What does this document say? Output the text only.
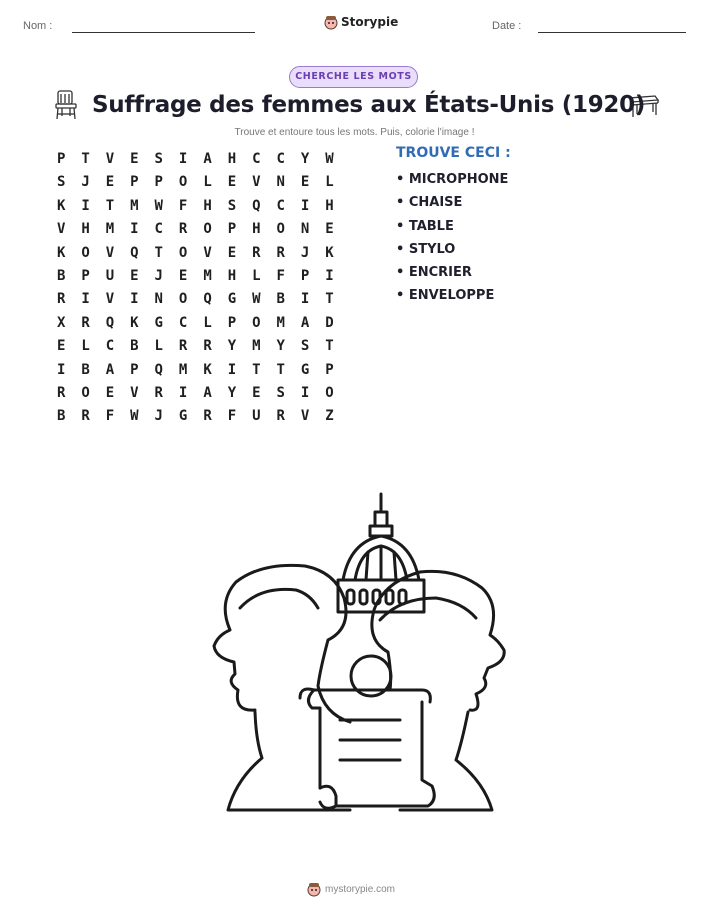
Nom :	Storypie	Date :
CHERCHE LES MOTS
Suffrage des femmes aux États-Unis (1920)
Trouve et entoure tous les mots. Puis, colorie l'image !
P	T	V	E	S	I	A	H	C	C	Y	W
S	J	E	P	P	O	L	E	V	N	E	L
K	I	T	M	W	F	H	S	Q	C	I	H
V	H	M	I	C	R	O	P	H	O	N	E
K	O	V	Q	T	O	V	E	R	R	J	K
B	P	U	E	J	E	M	H	L	F	P	I
R	I	V	I	N	O	Q	G	W	B	I	T
X	R	Q	K	G	C	L	P	O	M	A	D
E	L	C	B	L	R	R	Y	M	Y	S	T
I	B	A	P	Q	M	K	I	T	T	G	P
R	O	E	V	R	I	A	Y	E	S	I	O
B	R	F	W	J	G	R	F	U	R	V	Z
TROUVE CECI :
• MICROPHONE
• CHAISE
• TABLE
• STYLO
• ENCRIER
• ENVELOPPE
mystorypie.com
